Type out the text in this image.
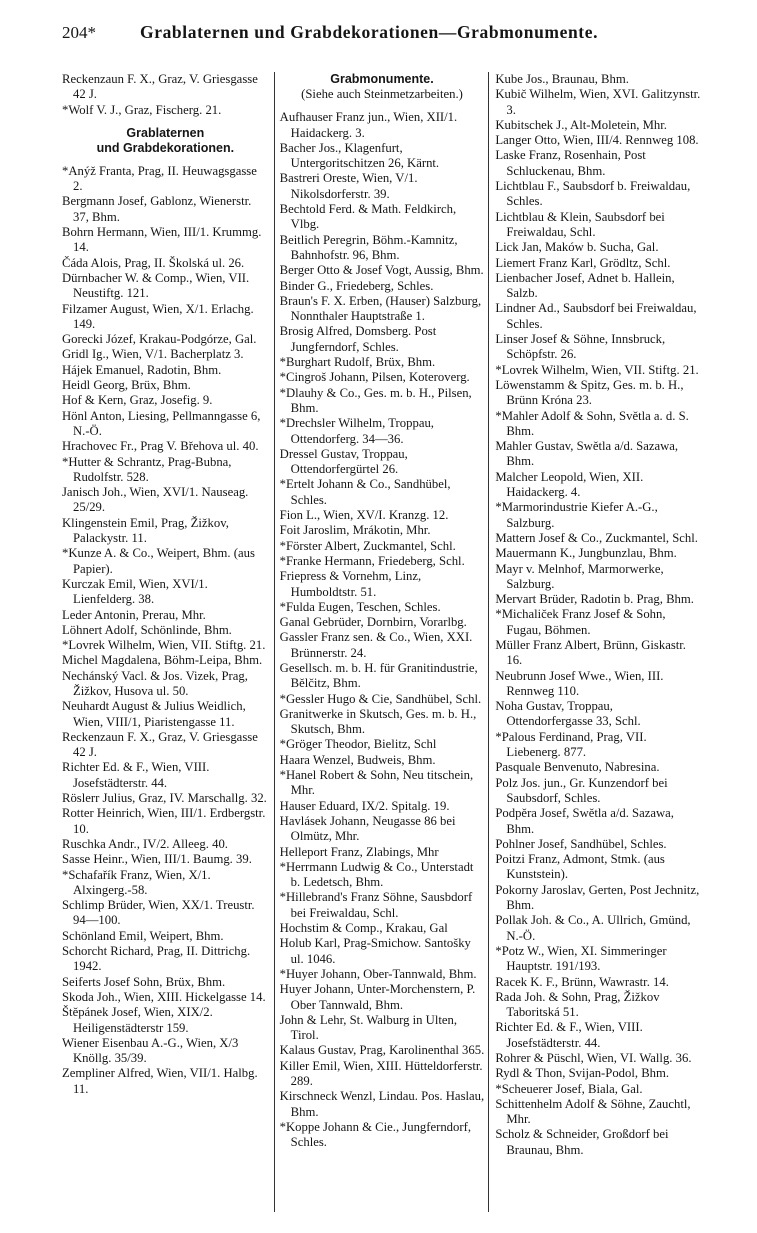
204*	Grablaternen und Grabdekorationen—Grabmonumente.
Reckenzaun F. X., Graz, V. Griesgasse 42 J.
*Wolf V. J., Graz, Fischerg. 21.
Grablaternen
und Grabdekorationen.
*Anýž Franta, Prag, II. Heuwagsgasse 2.
Bergmann Josef, Gablonz, Wienerstr. 37, Bhm.
Bohrn Hermann, Wien, III/1. Krummg. 14.
Čáda Alois, Prag, II. Školská ul. 26.
Dürnbacher W. & Comp., Wien, VII. Neustiftg. 121.
Filzamer August, Wien, X/1. Erlachg. 149.
Gorecki Józef, Krakau-Podgórze, Gal.
Gridl Ig., Wien, V/1. Bacherplatz 3.
Hájek Emanuel, Radotin, Bhm.
Heidl Georg, Brüx, Bhm.
Hof & Kern, Graz, Josefig. 9.
Hönl Anton, Liesing, Pellmanngasse 6, N.-Ö.
Hrachovec Fr., Prag V. Břehova ul. 40.
*Hutter & Schrantz, Prag-Bubna, Rudolfstr. 528.
Janisch Joh., Wien, XVI/1. Nauseag. 25/29.
Klingenstein Emil, Prag, Žižkov, Palackystr. 11.
*Kunze A. & Co., Weipert, Bhm. (aus Papier).
Kurczak Emil, Wien, XVI/1. Lienfelderg. 38.
Leder Antonin, Prerau, Mhr.
Löhnert Adolf, Schönlinde, Bhm.
*Lovrek Wilhelm, Wien, VII. Stiftg. 21.
Michel Magdalena, Böhm-Leipa, Bhm.
Nechánský Vacl. & Jos. Vizek, Prag, Žižkov, Husova ul. 50.
Neuhardt August & Julius Weidlich, Wien, VIII/1, Piaristengasse 11.
Reckenzaun F. X., Graz, V. Griesgasse 42 J.
Richter Ed. & F., Wien, VIII. Josefstädterstr. 44.
Röslerr Julius, Graz, IV. Marschallg. 32.
Rotter Heinrich, Wien, III/1. Erdbergstr. 10.
Ruschka Andr., IV/2. Alleeg. 40.
Sasse Heinr., Wien, III/1. Baumg. 39.
*Schafařík Franz, Wien, X/1. Alxingerg.-58.
Schlimp Brüder, Wien, XX/1. Treustr. 94—100.
Schönland Emil, Weipert, Bhm.
Schorcht Richard, Prag, II. Dittrichg. 1942.
Seiferts Josef Sohn, Brüx, Bhm.
Skoda Joh., Wien, XIII. Hickelgasse 14.
Štěpánek Josef, Wien, XIX/2. Heiligenstädterstr 159.
Wiener Eisenbau A.-G., Wien, X/3 Knöllg. 35/39.
Zempliner Alfred, Wien, VII/1. Halbg. 11.
Grabmonumente.
(Siehe auch Steinmetzarbeiten.)
Aufhauser Franz jun., Wien, XII/1. Haidackerg. 3.
Bacher Jos., Klagenfurt, Untergoritschitzen 26, Kärnt.
Bastreri Oreste, Wien, V/1. Nikolsdorferstr. 39.
Bechtold Ferd. & Math. Feldkirch, Vlbg.
Beitlich Peregrin, Böhm.-Kamnitz, Bahnhofstr. 96, Bhm.
Berger Otto & Josef Vogt, Aussig, Bhm.
Binder G., Friedeberg, Schles.
Braun's F. X. Erben, (Hauser) Salzburg, Nonnthaler Hauptstraße 1.
Brosig Alfred, Domsberg. Post Jungferndorf, Schles.
*Burghart Rudolf, Brüx, Bhm.
*Cingroš Johann, Pilsen, Koteroverg.
*Dlauhy & Co., Ges. m. b. H., Pilsen, Bhm.
*Drechsler Wilhelm, Troppau, Ottendorferg. 34—36.
Dressel Gustav, Troppau, Ottendorfergürtel 26.
*Ertelt Johann & Co., Sandhübel, Schles.
Fion L., Wien, XV/I. Kranzg. 12.
Foit Jaroslim, Mrákotin, Mhr.
*Förster Albert, Zuckmantel, Schl.
*Franke Hermann, Friedeberg, Schl.
Friepress & Vornehm, Linz, Humboldtstr. 51.
*Fulda Eugen, Teschen, Schles.
Ganal Gebrüder, Dornbirn, Vorarlbg.
Gassler Franz sen. & Co., Wien, XXI. Brünnerstr. 24.
Gesellsch. m. b. H. für Granitindustrie, Bělčitz, Bhm.
*Gessler Hugo & Cie, Sandhübel, Schl.
Granitwerke in Skutsch, Ges. m. b. H., Skutsch, Bhm.
*Gröger Theodor, Bielitz, Schl
Haara Wenzel, Budweis, Bhm.
*Hanel Robert & Sohn, Neu titschein, Mhr.
Hauser Eduard, IX/2. Spitalg. 19.
Havlásek Johann, Neugasse 86 bei Olmütz, Mhr.
Helleport Franz, Zlabings, Mhr
*Herrmann Ludwig & Co., Unterstadt b. Ledetsch, Bhm.
*Hillebrand's Franz Söhne, Sausbdorf bei Freiwaldau, Schl.
Hochstim & Comp., Krakau, Gal
Holub Karl, Prag-Smichow. Santošky ul. 1046.
*Huyer Johann, Ober-Tannwald, Bhm.
Huyer Johann, Unter-Morchenstern, P. Ober Tannwald, Bhm.
John & Lehr, St. Walburg in Ulten, Tirol.
Kalaus Gustav, Prag, Karolinenthal 365.
Killer Emil, Wien, XIII. Hütteldorferstr. 289.
Kirschneck Wenzl, Lindau. Pos. Haslau, Bhm.
*Koppe Johann & Cie., Jungferndorf, Schles.
Kube Jos., Braunau, Bhm.
Kubič Wilhelm, Wien, XVI. Galitzynstr. 3.
Kubitschek J., Alt-Moletein, Mhr.
Langer Otto, Wien, III/4. Rennweg 108.
Laske Franz, Rosenhain, Post Schluckenau, Bhm.
Lichtblau F., Saubsdorf b. Freiwaldau, Schles.
Lichtblau & Klein, Saubsdorf bei Freiwaldau, Schl.
Lick Jan, Maków b. Sucha, Gal.
Liemert Franz Karl, Grödltz, Schl.
Lienbacher Josef, Adnet b. Hallein, Salzb.
Lindner Ad., Saubsdorf bei Freiwaldau, Schles.
Linser Josef & Söhne, Innsbruck, Schöpfstr. 26.
*Lovrek Wilhelm, Wien, VII. Stiftg. 21.
Löwenstamm & Spitz, Ges. m. b. H., Brünn Króna 23.
*Mahler Adolf & Sohn, Světla a. d. S. Bhm.
Mahler Gustav, Swětla a/d. Sazawa, Bhm.
Malcher Leopold, Wien, XII. Haidackerg. 4.
*Marmorindustrie Kiefer A.-G., Salzburg.
Mattern Josef & Co., Zuckmantel, Schl.
Mauermann K., Jungbunzlau, Bhm.
Mayr v. Melnhof, Marmorwerke, Salzburg.
Mervart Brüder, Radotin b. Prag, Bhm.
*Michaliček Franz Josef & Sohn, Fugau, Böhmen.
Müller Franz Albert, Brünn, Giskastr. 16.
Neubrunn Josef Wwe., Wien, III. Rennweg 110.
Noha Gustav, Troppau, Ottendorfergasse 33, Schl.
*Palous Ferdinand, Prag, VII. Liebenerg. 877.
Pasquale Benvenuto, Nabresina.
Polz Jos. jun., Gr. Kunzendorf bei Saubsdorf, Schles.
Podpěra Josef, Swětla a/d. Sazawa, Bhm.
Pohlner Josef, Sandhübel, Schles.
Poitzi Franz, Admont, Stmk. (aus Kunststein).
Pokorny Jaroslav, Gerten, Post Jechnitz, Bhm.
Pollak Joh. & Co., A. Ullrich, Gmünd, N.-Ö.
*Potz W., Wien, XI. Simmeringer Hauptstr. 191/193.
Racek K. F., Brünn, Wawrastr. 14.
Rada Joh. & Sohn, Prag, Žižkov Taboritská 51.
Richter Ed. & F., Wien, VIII. Josefstädterstr. 44.
Rohrer & Püschl, Wien, VI. Wallg. 36.
Rydl & Thon, Svijan-Podol, Bhm.
*Scheuerer Josef, Biala, Gal.
Schittenhelm Adolf & Söhne, Zauchtl, Mhr.
Scholz & Schneider, Großdorf bei Braunau, Bhm.
